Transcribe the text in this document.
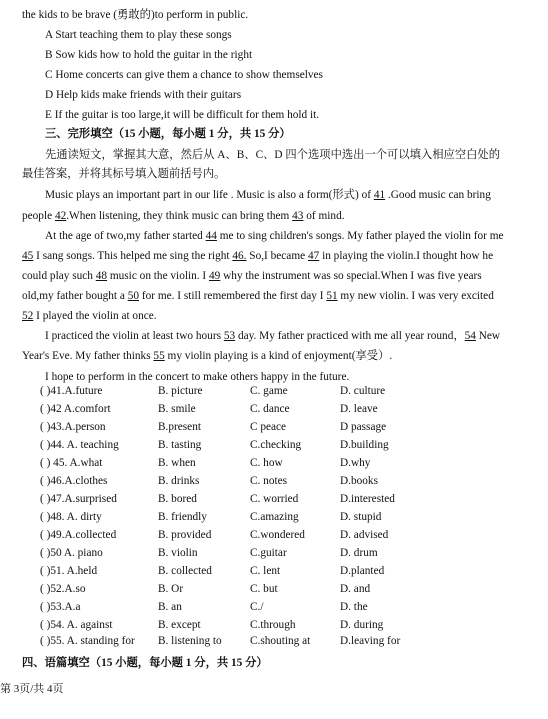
the kids to be brave (勇敢的)to perform in public.
A Start teaching them to play these songs
B Sow kids how to hold the guitar in the right
C Home concerts can give them a chance to show themselves
D Help kids make friends with their guitars
E If the guitar is too large,it will be difficult for them hold it.
三、完形填空（15 小题，每小题 1 分，共 15 分）
先通读短文，掌握其大意，然后从 A、B、C、D 四个选项中选出一个可以填入相应空白处的
最佳答案，并将其标号填入题前括号内。
Music plays an important part in our life . Music is also a form(形式) of 41 .Good music can bring
people 42.When listening, they think music can bring them 43 of mind.
At the age of two,my father started 44 me to sing children's songs. My father played the violin for me
45 I sang songs. This helped me sing the right 46. So,I became 47 in playing the violin.I thought how he
could play such 48 music on the violin. I 49 why the instrument was so special.When I was five years
old,my father bought a 50 for me. I still remembered the first day I 51 my new violin. I was very excited
52 I played the violin at once.
I practiced the violin at least two hours 53 day. My father practiced with me all year round，54 New
Year's Eve. My father thinks 55 my violin playing is a kind of enjoyment(享受）.
I hope to perform in the concert to make others happy in the future.
( )41.A.future	B. picture	C. game	D. culture
( )42 A.comfort	B. smile	C. dance	D. leave
( )43.A.person	B.present	C peace	D passage
( )44. A. teaching	B. tasting	C.checking	D.building
( ) 45. A.what	B. when	C. how	D.why
( )46.A.clothes	B. drinks	C. notes	D.books
( )47.A.surprised	B. bored	C. worried	D.interested
( )48. A. dirty	B. friendly	C.amazing	D. stupid
( )49.A.collected	B. provided	C.wondered	D. advised
( )50 A. piano	B. violin	C.guitar	D. drum
( )51. A.held	B. collected	C. lent	D.planted
( )52.A.so	B. Or	C. but	D. and
( )53.A.a	B. an	C./	D. the
( )54. A. against	B. except	C.through	D. during
( )55. A. standing for B. listening to	C.shouting at	D.leaving for
四、语篇填空（15 小题，每小题 1 分，共 15 分）
第 3页/共 4页
